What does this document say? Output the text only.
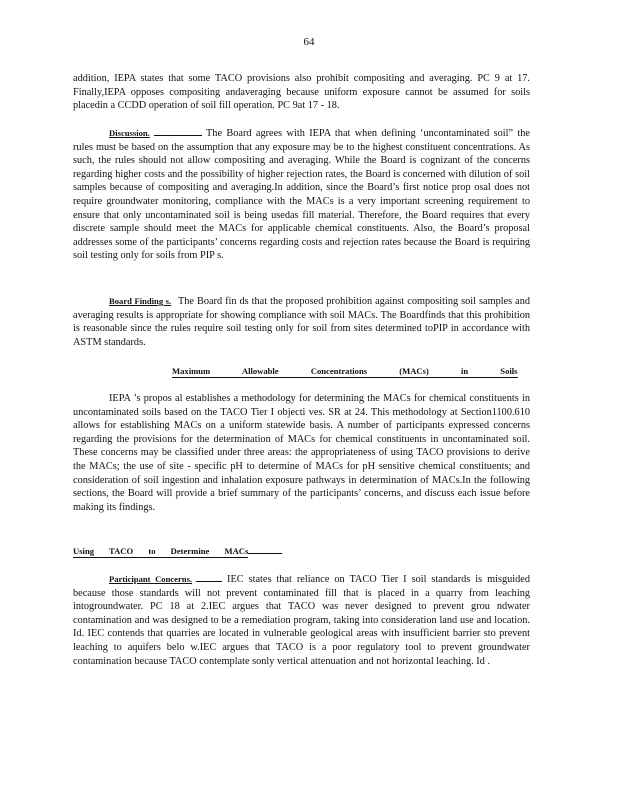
64

addition, IEPA states that some TACO provisions also prohibit compositing and averaging. PC 9 at 17. Finally,IEPA opposes compositing andaveraging because uniform exposure cannot be assumed for soils placedin a CCDD operation of soil fill operation. PC 9at 17 - 18.

Discussion.	The Board agrees with IEPA that when defining ‘uncontaminated soil” the rules must be based on the assumption that any exposure may be to the highest constituent concentrations. As such, the rules should not allow compositing and averaging. While the Board is cognizant of the concerns regarding higher costs and the possibility of higher rejection rates, the Board is concerned with dilution of soil samples because of compositing and averaging.In addition, since the Board’s first notice prop osal does not require groundwater monitoring, compliance with the MACs is a very important screening requirement to ensure that only uncontaminated soil is being usedas fill material. Therefore, the Board requires that every discrete sample should meet the MACs for applicable chemical constituents. Also, the Board’s proposal addresses some of the participants’ concerns regarding costs and rejection rates because the Board is requiring soil testing only for soils from PIP s.

Board Finding s. The Board fin ds that the proposed prohibition against compositing soil samples and averaging results is appropriate for showing compliance with soil MACs. The Boardfinds that this prohibition is reasonable since the rules require soil testing only for soil from sites determined toPIP in accordance with ASTM standards.

Maximum Allowable Concentrations (MACs) in Soils

IEPA ’s propos al establishes a methodology for determining the MACs for chemical constituents in uncontaminated soils based on the TACO Tier I objecti ves. SR at 24. This methodology at Section1100.610 allows for establishing MACs on a uniform statewide basis. A number of participants expressed concerns regarding the provisions for the determination of MACs for chemical constituents in uncontaminated soil. These concerns may be classified under three areas: the appropriateness of using TACO provisions to derive the MACs; the use of site - specific pH to determine of MACs for pH sensitive chemical constituents; and consideration of soil ingestion and inhalation exposure pathways in determination of MACs.In the following sections, the Board will provide a brief summary of the participants’ concerns, and discuss each issue before making its findings.

Using TACO to Determine MACs

Participant Concerns.	IEC states that reliance on TACO Tier I soil standards is misguided because those standards will not prevent contaminated fill that is placed in a quarry from leaching intogroundwater. PC 18 at 2.IEC argues that TACO was never designed to prevent grou ndwater contamination and was designed to be a remediation program, taking into consideration land use and location. Id. IEC contends that quarries are located in vulnerable geological areas with insufficient barrier sto prevent leaching to aquifers belo w.IEC argues that TACO is a poor regulatory tool to prevent groundwater contamination because TACO contemplate sonly vertical attenuation and not horizontal leaching. Id .
